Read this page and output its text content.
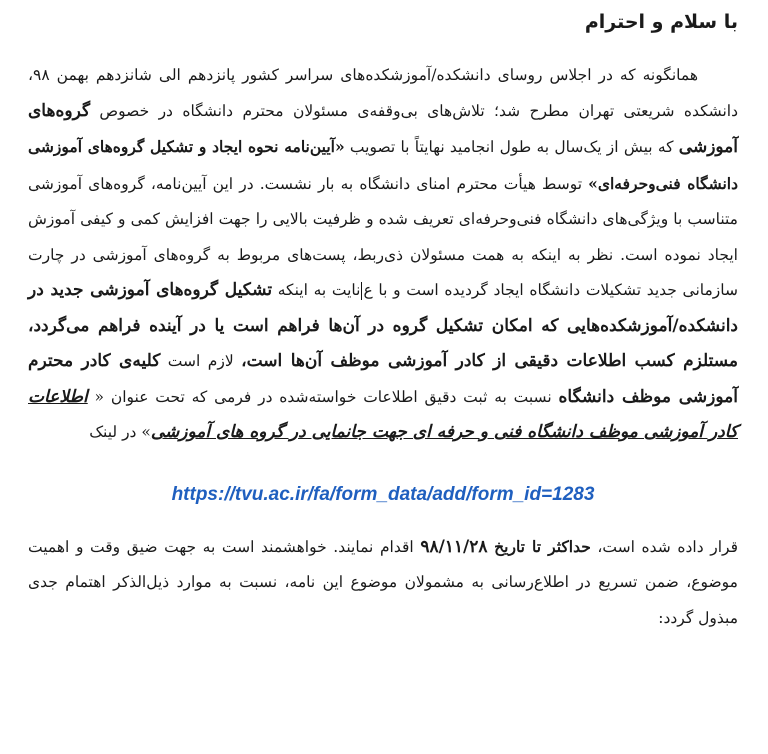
با سلام و احترام

همانگونه که در اجلاس روسای دانشکده/آموزشکده‌های سراسر کشور پانزدهم الی شانزدهم بهمن ۹۸، دانشکده شریعتی تهران مطرح شد؛ تلاش‌های بی‌وقفه‌ی مسئولان محترم دانشگاه در خصوص گروه‌های آموزشی که بیش از یک‌سال به طول انجامید نهایتاً با تصویب «آیین‌نامه نحوه ایجاد و تشکیل گروه‌های آموزشی دانشگاه فنی‌وحرفه‌ای» توسط هیأت محترم امنای دانشگاه به بار نشست. در این آیین‌نامه، گروه‌های آموزشی متناسب با ویژگی‌های دانشگاه فنی‌وحرفه‌ای تعریف شده و ظرفیت بالایی را جهت افزایش کمی و کیفی آموزش ایجاد نموده است. نظر به اینکه به همت مسئولان ذی‌ربط، پست‌های مربوط به گروه‌های آموزشی در چارت سازمانی جدید تشکیلات دانشگاه ایجاد گردیده است و با عنایت به اینکه تشکیل گروه‌های آموزشی جدید در دانشکده/آموزشکده‌هایی که امکان تشکیل گروه در آن‌ها فراهم است یا در آینده فراهم می‌گردد، مستلزم کسب اطلاعات دقیقی از کادر آموزشی موظف آن‌ها است، لازم است کلیه‌ی کادر محترم آموزشی موظف دانشگاه نسبت به ثبت دقیق اطلاعات خواسته‌شده در فرمی که تحت عنوان « اطلاعات کادر آموزشی موظف دانشگاه فنی و حرفه ای جهت جانمایی در گروه های آموزشی» در لینک

https://tvu.ac.ir/fa/form_data/add/form_id=1283

قرار داده شده است، حداکثر تا تاریخ ۹۸/۱۱/۲۸ اقدام نمایند. خواهشمند است به جهت ضیق وقت و اهمیت موضوع، ضمن تسریع در اطلاع‌رسانی به مشمولان موضوع این نامه، نسبت به موارد ذیل‌الذکر اهتمام جدی مبذول گردد:
